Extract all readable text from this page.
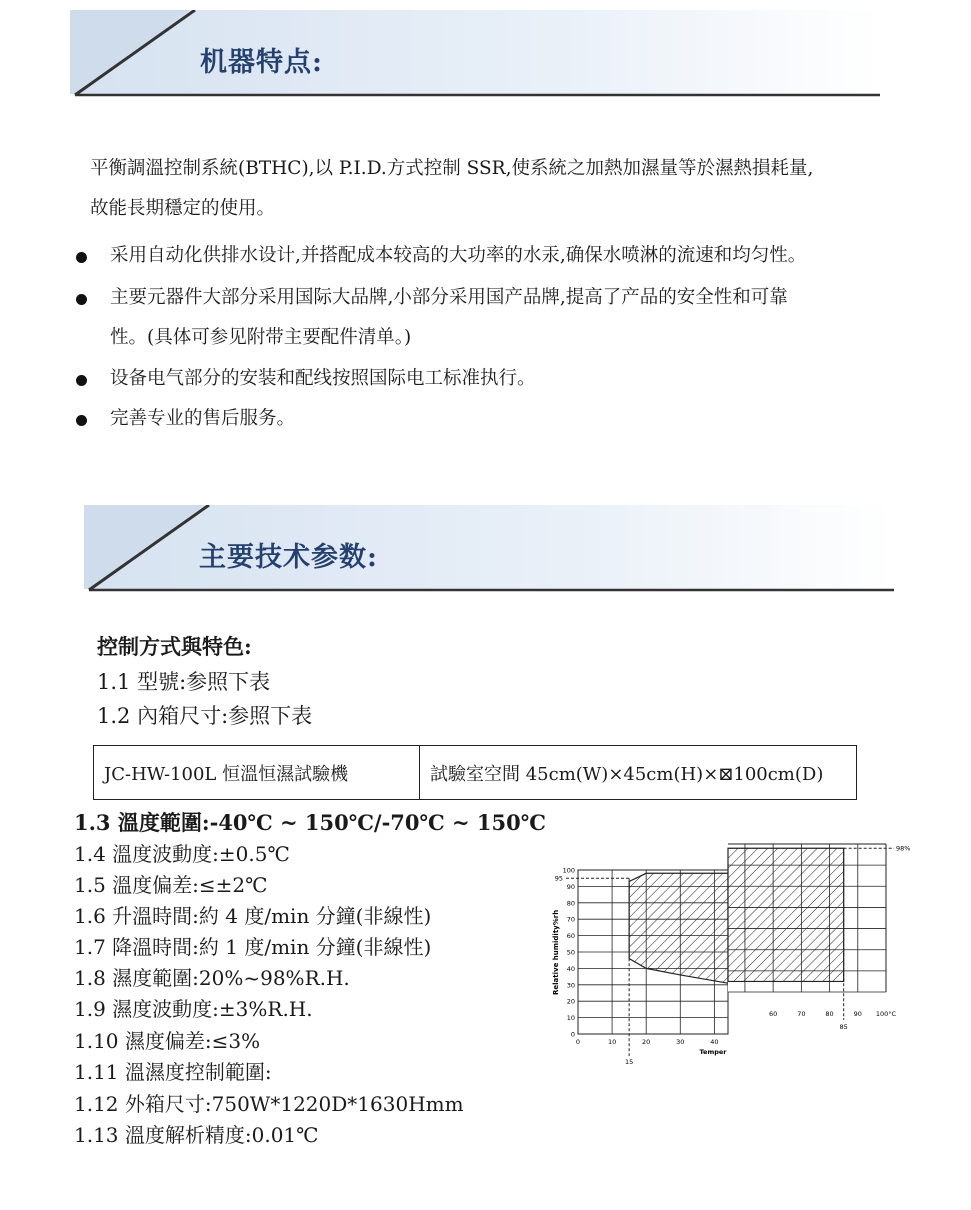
机器特点:
平衡調溫控制系統(BTHC),以 P.I.D.方式控制 SSR,使系統之加熱加濕量等於濕熱損耗量,
故能長期穩定的使用。
采用自动化供排水设计,并搭配成本较高的大功率的水汞,确保水喷淋的流速和均匀性。
主要元器件大部分采用国际大品牌,小部分采用国产品牌,提高了产品的安全性和可靠
性。(具体可参见附带主要配件清单。)
设备电气部分的安装和配线按照国际电工标准执行。
完善专业的售后服务。
主要技术参数:
控制方式與特色:
1.1 型號:参照下表
1.2 內箱尺寸:参照下表
JC-HW-100L 恒溫恒濕試驗機	試驗室空間 45cm(W)×45cm(H)×⊠100cm(D)
1.3 溫度範圍:-40℃ ~ 150℃/-70℃ ~ 150℃
1.4 溫度波動度:±0.5℃
1.5 溫度偏差:≤±2℃
1.6 升溫時間:約 4 度/min 分鐘(非線性)
1.7 降溫時間:約 1 度/min 分鐘(非線性)
1.8 濕度範圍:20%~98%R.H.
1.9 濕度波動度:±3%R.H.
1.10 濕度偏差:≤3%
1.11 溫濕度控制範圍:
1.12 外箱尺寸:750W*1220D*1630Hmm
1.13 溫度解析精度:0.01℃
0
10
20
30
40
50
60
70
80
90
100
0	10	20	30	40
95
15
Temper
98%
85
60	70	80	90 100°C
Relative humidity%rh
